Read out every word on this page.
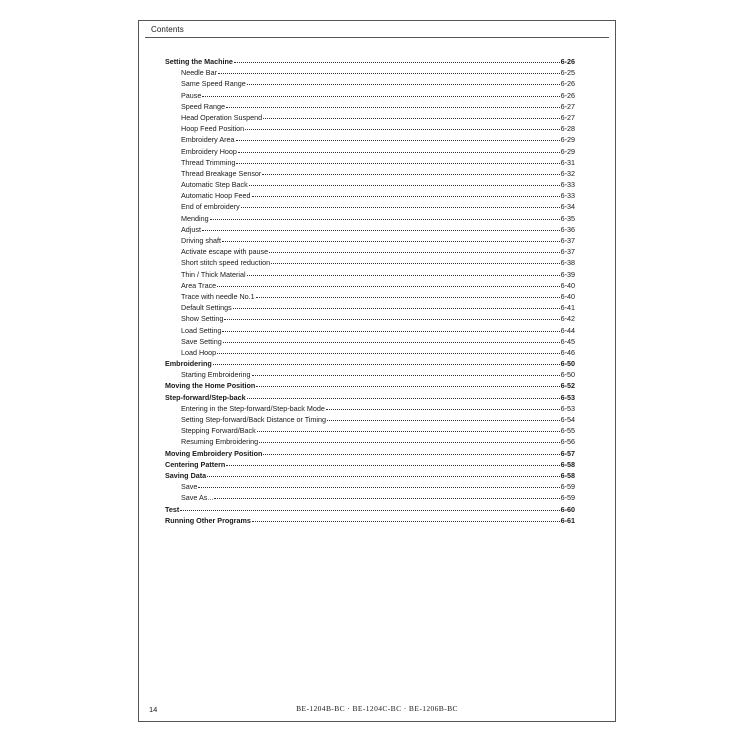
Contents
Setting the Machine	6-26
Needle Bar	6-25
Same Speed Range	6-26
Pause	6-26
Speed Range	6-27
Head Operation Suspend	6-27
Hoop Feed Position	6-28
Embroidery Area	6-29
Embroidery Hoop	6-29
Thread Trimming	6-31
Thread Breakage Sensor	6-32
Automatic Step Back	6-33
Automatic Hoop Feed	6-33
End of embroidery	6-34
Mending	6-35
Adjust	6-36
Driving shaft	6-37
Activate escape with pause	6-37
Short stitch speed reduction	6-38
Thin / Thick Material	6-39
Area Trace	6-40
Trace with needle No.1	6-40
Default Settings	6-41
Show Setting	6-42
Load Setting	6-44
Save Setting	6-45
Load Hoop	6-46
Embroidering	6-50
Starting Embroidering	6-50
Moving the Home Position	6-52
Step-forward/Step-back	6-53
Entering in the Step-forward/Step-back Mode	6-53
Setting Step-forward/Back Distance or Timing	6-54
Stepping Forward/Back	6-55
Resuming Embroidering	6-56
Moving Embroidery Position	6-57
Centering Pattern	6-58
Saving Data	6-58
Save	6-59
Save As...	6-59
Test	6-60
Running Other Programs	6-61
14	BE-1204B-BC · BE-1204C-BC · BE-1206B-BC
